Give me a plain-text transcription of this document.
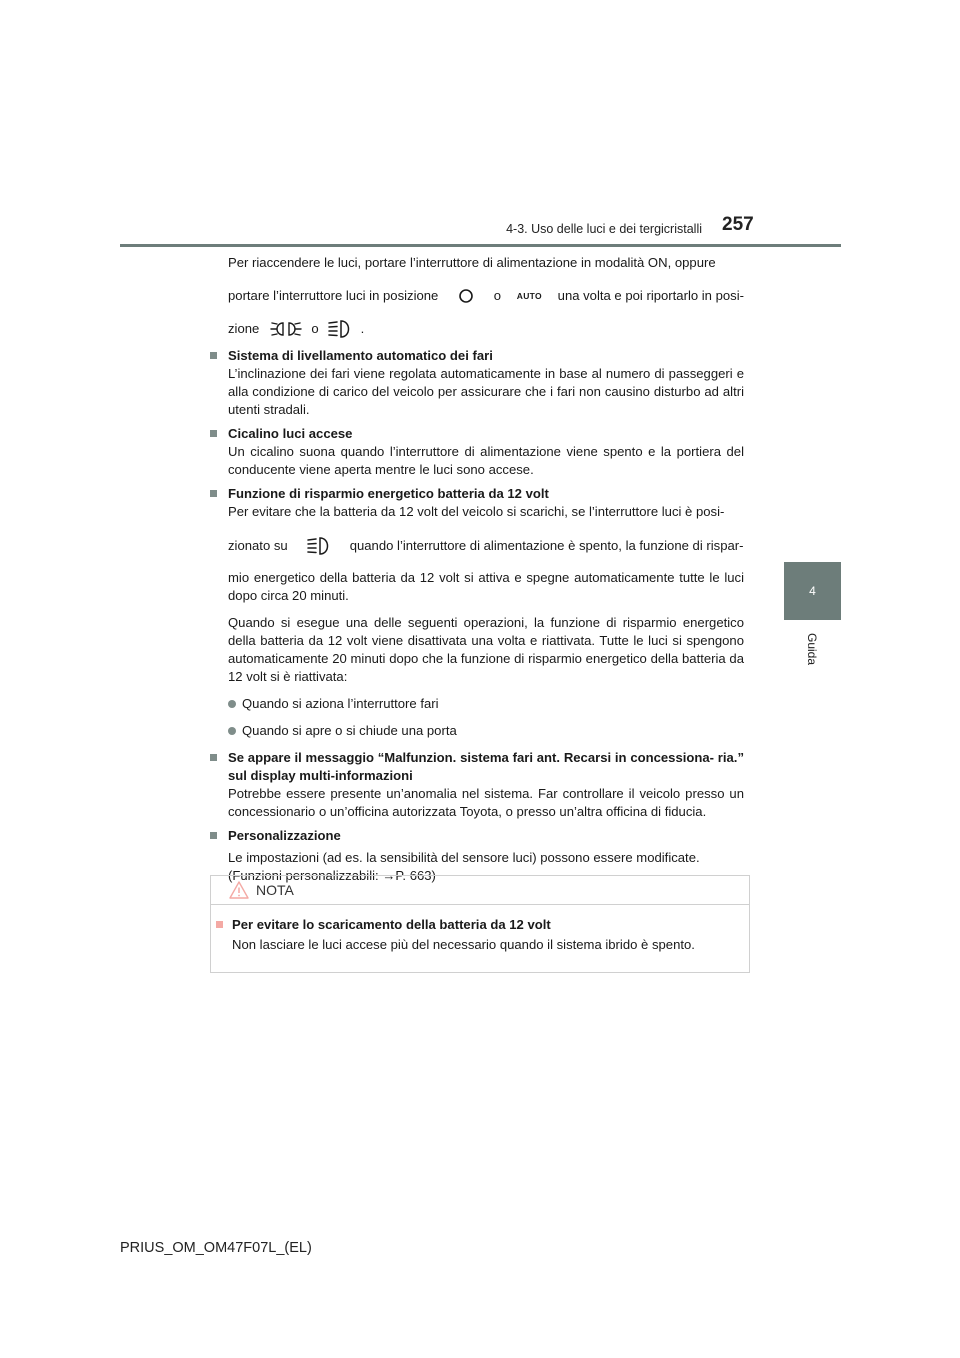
4-3. Uso delle luci e dei tergicristalli 257
4
Guida

Per riaccendere le luci, portare l’interruttore di alimentazione in modalità ON, oppure

portare l’interruttore luci in posizione	o AUTO una volta e poi riportarlo in posi-
zione	o	.
Sistema di livellamento automatico dei fari

L’inclinazione dei fari viene regolata automaticamente in base al numero di passeggeri e alla condizione di carico del veicolo per assicurare che i fari non causino disturbo ad altri utenti stradali.

Cicalino luci accese

Un cicalino suona quando l’interruttore di alimentazione viene spento e la portiera del conducente viene aperta mentre le luci sono accese.

Funzione di risparmio energetico batteria da 12 volt

Per evitare che la batteria da 12 volt del veicolo si scarichi, se l’interruttore luci è posi-

zionato su	quando l’interruttore di alimentazione è spento, la funzione di rispar-

mio energetico della batteria da 12 volt si attiva e spegne automaticamente tutte le luci dopo circa 20 minuti.

Quando si esegue una delle seguenti operazioni, la funzione di risparmio energetico della batteria da 12 volt viene disattivata una volta e riattivata. Tutte le luci si spengono automaticamente 20 minuti dopo che la funzione di risparmio energetico della batteria da 12 volt si è riattivata:

Quando si aziona l’interruttore fari
Quando si apre o si chiude una porta
Se appare il messaggio “Malfunzion. sistema fari ant. Recarsi in concessiona- ria.” sul display multi-informazioni

Potrebbe essere presente un’anomalia nel sistema. Far controllare il veicolo presso un concessionario o un’officina autorizzata Toyota, o presso un’altra officina di fiducia.

Personalizzazione

Le impostazioni (ad es. la sensibilità del sensore luci) possono essere modificate.

(Funzioni personalizzabili: →P. 663)

NOTA
Per evitare lo scaricamento della batteria da 12 volt

Non lasciare le luci accese più del necessario quando il sistema ibrido è spento.

PRIUS_OM_OM47F07L_(EL)
